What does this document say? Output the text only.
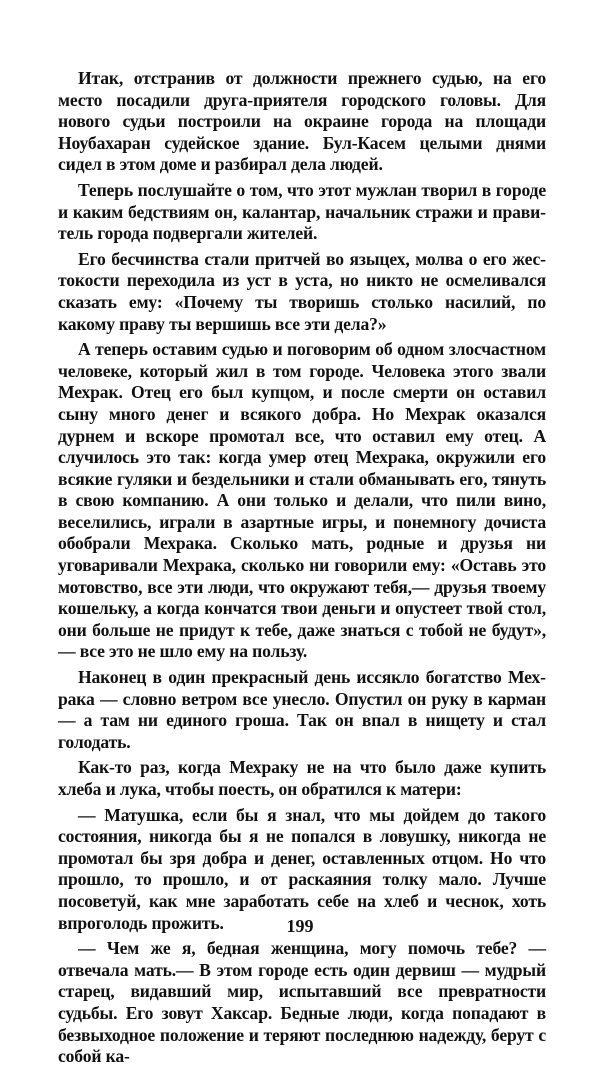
Итак, отстранив от должности прежнего судью, на его место посадили друга-приятеля городского головы. Для нового судьи построили на окраине города на площади Ноубахаран судейское здание. Бул-Касем целыми днями сидел в этом доме и разбирал дела людей.

Теперь послушайте о том, что этот мужлан творил в городе и каким бедствиям он, калантар, начальник стражи и правитель города подвергали жителей.

Его бесчинства стали притчей во языцех, молва о его жестокости переходила из уст в уста, но никто не осмеливался сказать ему: «Почему ты творишь столько насилий, по какому праву ты вершишь все эти дела?»

А теперь оставим судью и поговорим об одном злосчастном человеке, который жил в том городе. Человека этого звали Мехрак. Отец его был купцом, и после смерти он оставил сыну много денег и всякого добра. Но Мехрак оказался дурнем и вскоре промотал все, что оставил ему отец. А случилось это так: когда умер отец Мехрака, окружили его всякие гуляки и бездельники и стали обманывать его, тянуть в свою компанию. А они только и делали, что пили вино, веселились, играли в азартные игры, и понемногу дочиста обобрали Мехрака. Сколько мать, родные и друзья ни уговаривали Мехрака, сколько ни говорили ему: «Оставь это мотовство, все эти люди, что окружают тебя,— друзья твоему кошельку, а когда кончатся твои деньги и опустеет твой стол, они больше не придут к тебе, даже знаться с тобой не будут»,— все это не шло ему на пользу.

Наконец в один прекрасный день иссякло богатство Мехрака — словно ветром все унесло. Опустил он руку в карман — а там ни единого гроша. Так он впал в нищету и стал голодать.

Как-то раз, когда Мехраку не на что было даже купить хлеба и лука, чтобы поесть, он обратился к матери:

— Матушка, если бы я знал, что мы дойдем до такого состояния, никогда бы я не попался в ловушку, никогда не промотал бы зря добра и денег, оставленных отцом. Но что прошло, то прошло, и от раскаяния толку мало. Лучше посоветуй, как мне заработать себе на хлеб и чеснок, хоть впроголодь прожить.

— Чем же я, бедная женщина, могу помочь тебе? — отвечала мать.— В этом городе есть один дервиш — мудрый старец, видавший мир, испытавший все превратности судьбы. Его зовут Хаксар. Бедные люди, когда попадают в безвыходное положение и теряют последнюю надежду, берут с собой ка-

199
